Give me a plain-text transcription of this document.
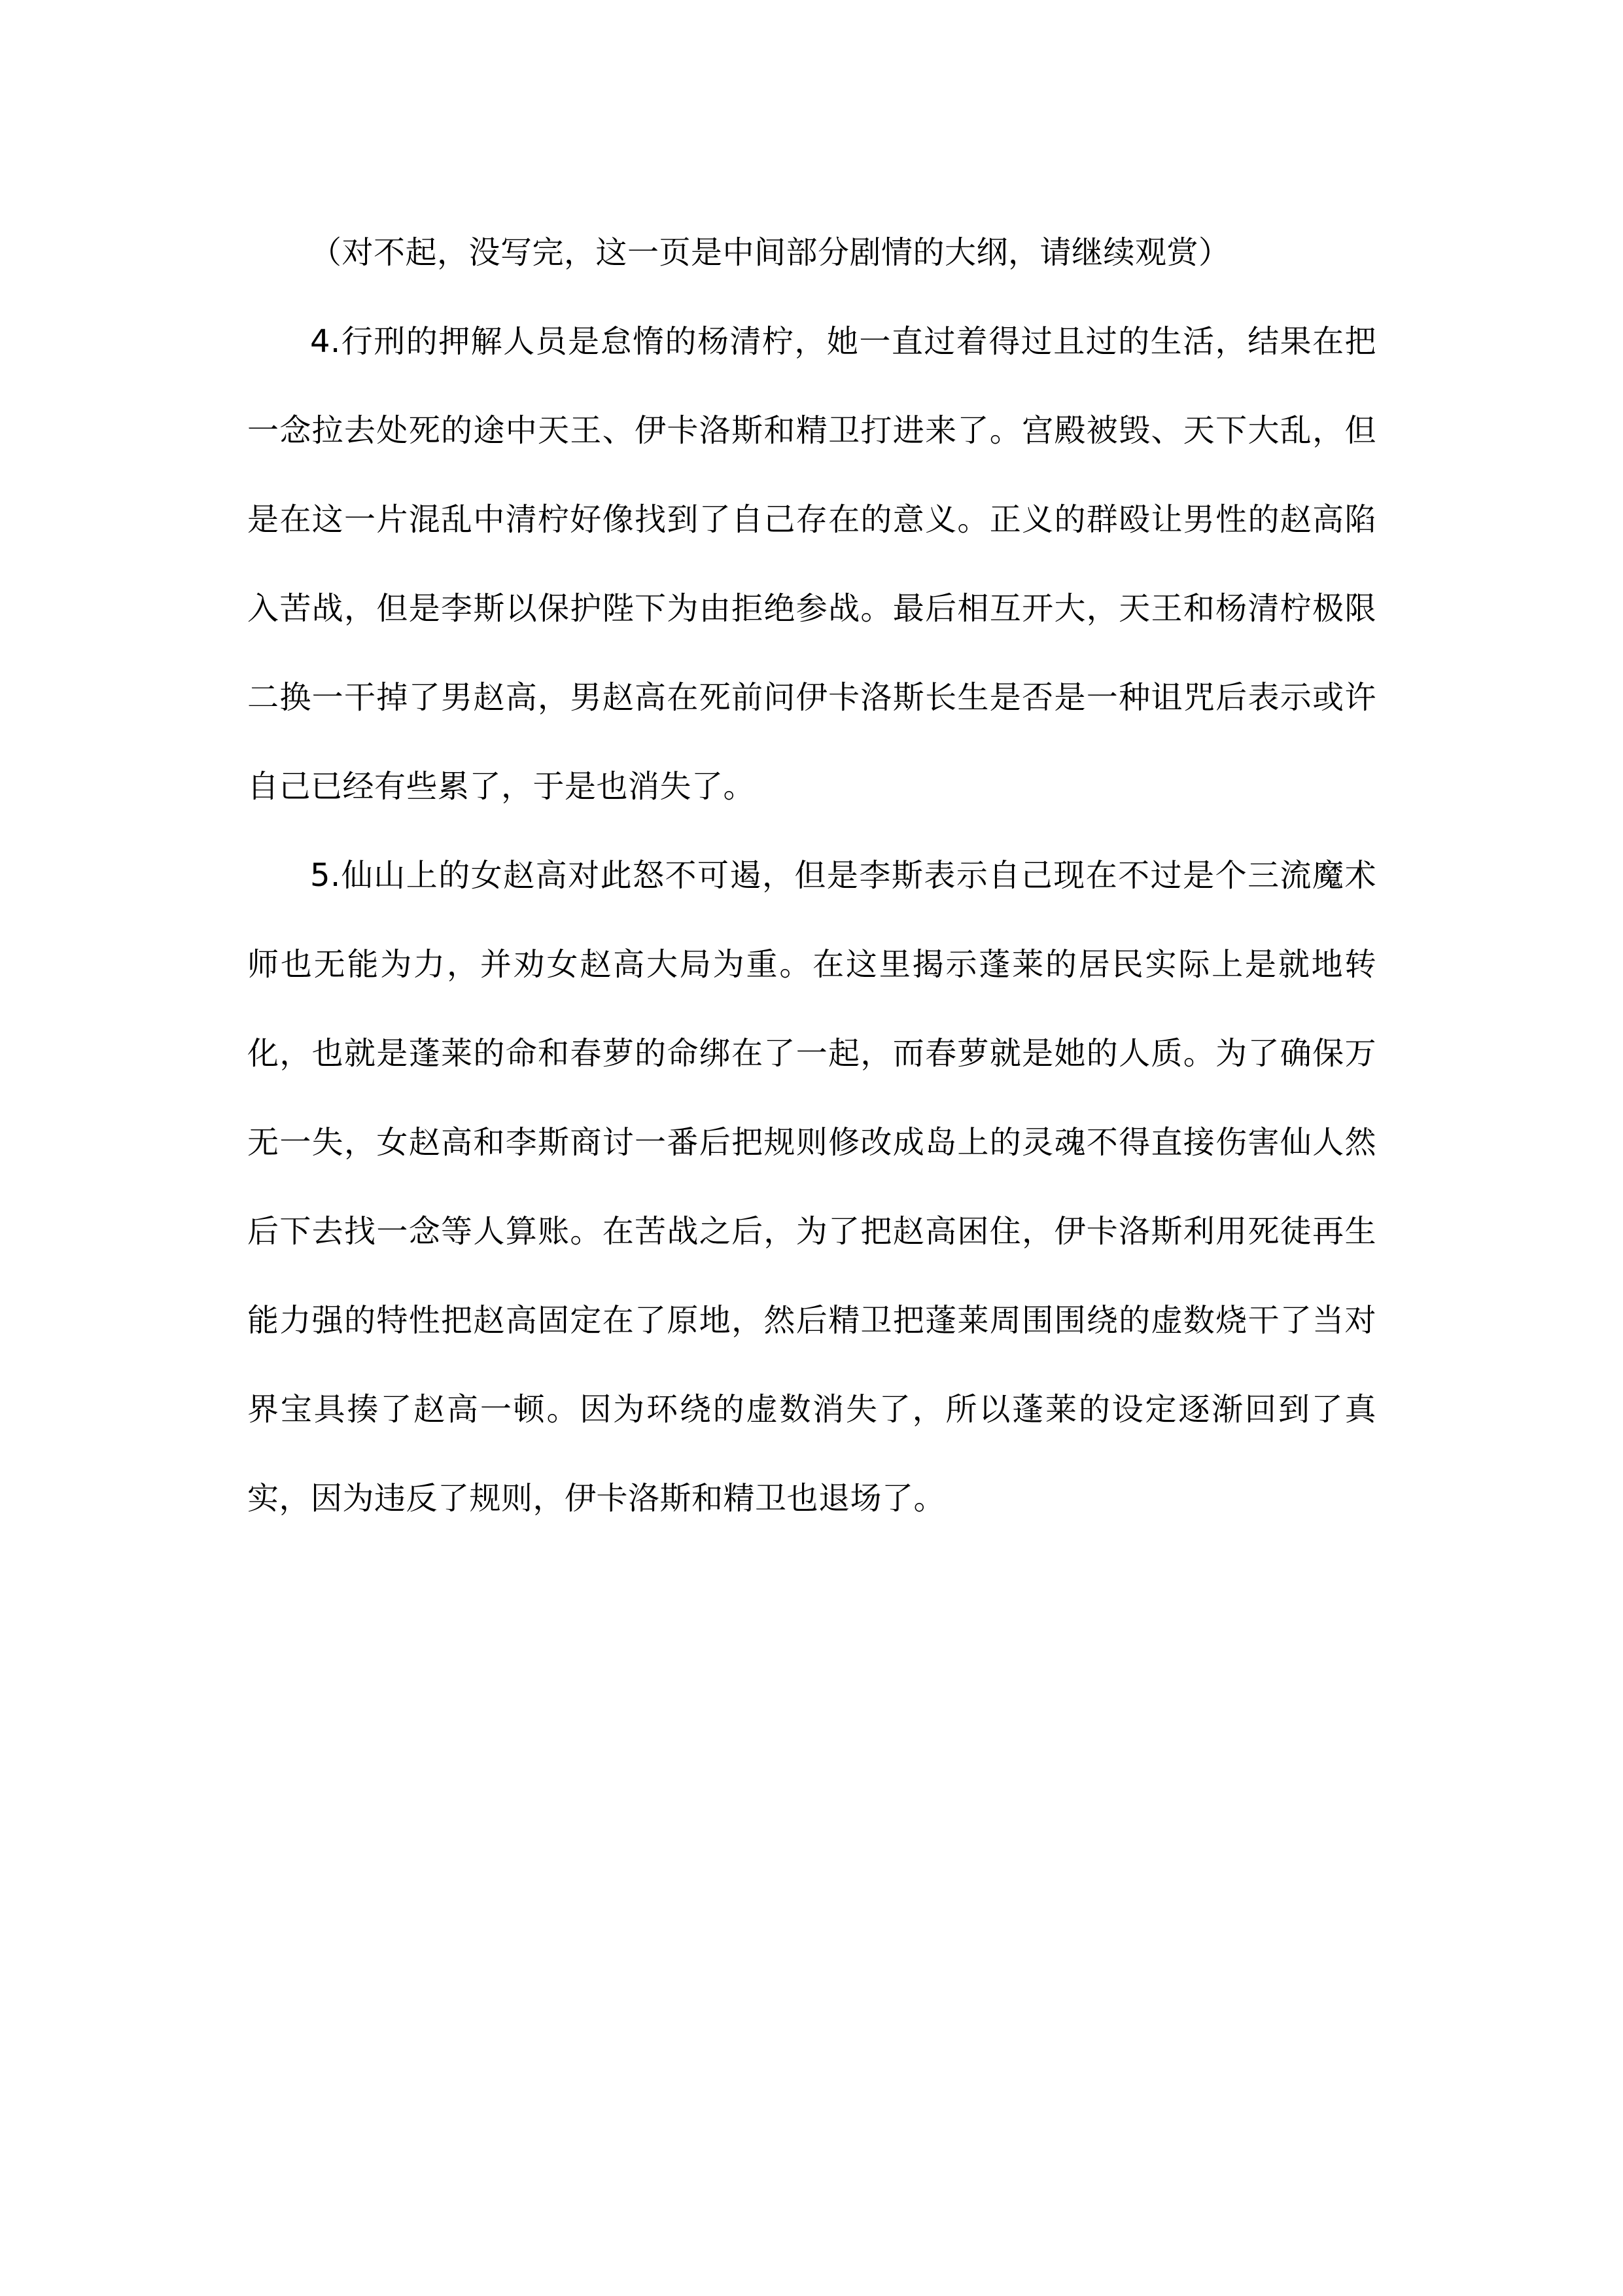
（对不起，没写完，这一页是中间部分剧情的大纲，请继续观赏）

4.行刑的押解人员是怠惰的杨清柠，她一直过着得过且过的生活，结果在把一念拉去处死的途中天王、伊卡洛斯和精卫打进来了。宫殿被毁、天下大乱，但是在这一片混乱中清柠好像找到了自己存在的意义。正义的群殴让男性的赵高陷入苦战，但是李斯以保护陛下为由拒绝参战。最后相互开大，天王和杨清柠极限二换一干掉了男赵高，男赵高在死前问伊卡洛斯长生是否是一种诅咒后表示或许自己已经有些累了，于是也消失了。

5.仙山上的女赵高对此怒不可遏，但是李斯表示自己现在不过是个三流魔术师也无能为力，并劝女赵高大局为重。在这里揭示蓬莱的居民实际上是就地转化，也就是蓬莱的命和春萝的命绑在了一起，而春萝就是她的人质。为了确保万无一失，女赵高和李斯商讨一番后把规则修改成岛上的灵魂不得直接伤害仙人然后下去找一念等人算账。在苦战之后，为了把赵高困住，伊卡洛斯利用死徒再生能力强的特性把赵高固定在了原地，然后精卫把蓬莱周围围绕的虚数烧干了当对界宝具揍了赵高一顿。因为环绕的虚数消失了，所以蓬莱的设定逐渐回到了真实，因为违反了规则，伊卡洛斯和精卫也退场了。
